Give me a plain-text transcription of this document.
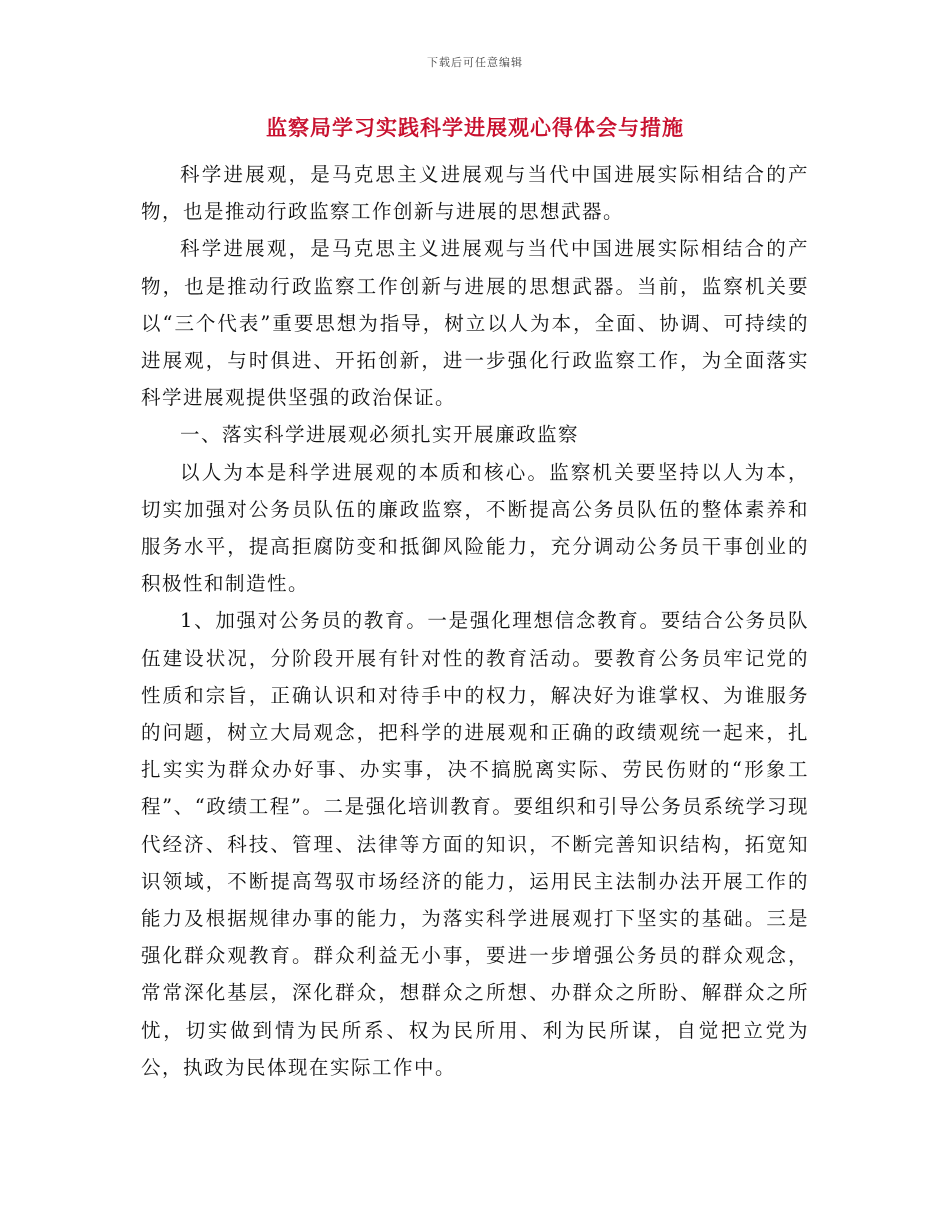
下载后可任意编辑
监察局学习实践科学进展观心得体会与措施

科学进展观，是马克思主义进展观与当代中国进展实际相结合的产物，也是推动行政监察工作创新与进展的思想武器。

科学进展观，是马克思主义进展观与当代中国进展实际相结合的产物，也是推动行政监察工作创新与进展的思想武器。当前，监察机关要以“三个代表”重要思想为指导，树立以人为本，全面、协调、可持续的进展观，与时俱进、开拓创新，进一步强化行政监察工作，为全面落实科学进展观提供坚强的政治保证。

一、落实科学进展观必须扎实开展廉政监察

以人为本是科学进展观的本质和核心。监察机关要坚持以人为本，切实加强对公务员队伍的廉政监察，不断提高公务员队伍的整体素养和服务水平，提高拒腐防变和抵御风险能力，充分调动公务员干事创业的积极性和制造性。

1、加强对公务员的教育。一是强化理想信念教育。要结合公务员队伍建设状况，分阶段开展有针对性的教育活动。要教育公务员牢记党的性质和宗旨，正确认识和对待手中的权力，解决好为谁掌权、为谁服务的问题，树立大局观念，把科学的进展观和正确的政绩观统一起来，扎扎实实为群众办好事、办实事，决不搞脱离实际、劳民伤财的“形象工程”、“政绩工程”。二是强化培训教育。要组织和引导公务员系统学习现代经济、科技、管理、法律等方面的知识，不断完善知识结构，拓宽知识领域，不断提高驾驭市场经济的能力，运用民主法制办法开展工作的能力及根据规律办事的能力，为落实科学进展观打下坚实的基础。三是强化群众观教育。群众利益无小事，要进一步增强公务员的群众观念，常常深化基层，深化群众，想群众之所想、办群众之所盼、解群众之所忧，切实做到情为民所系、权为民所用、利为民所谋，自觉把立党为公，执政为民体现在实际工作中。
